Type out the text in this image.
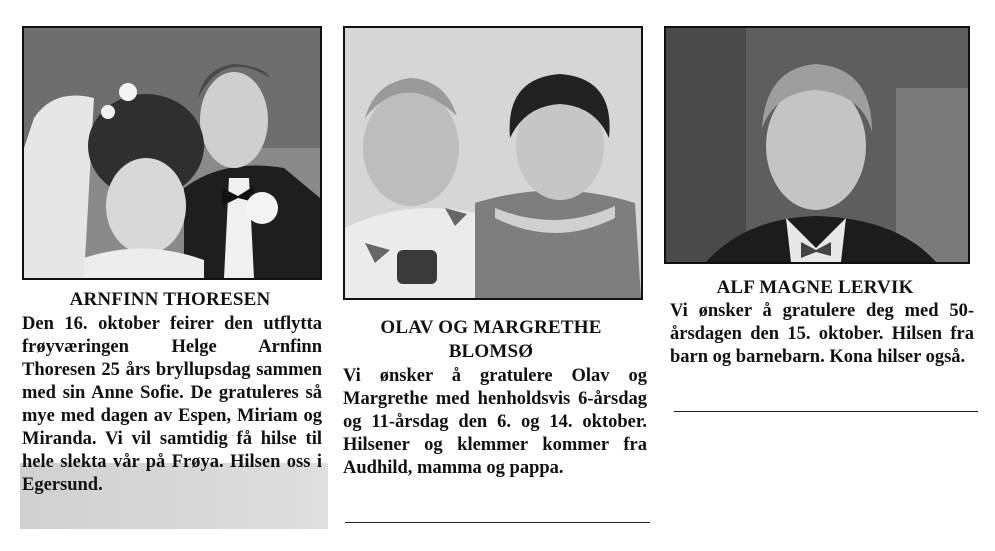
ARNFINN THORESEN

Den 16. oktober feirer den utflytta frøyværingen Helge Arnfinn Thoresen 25 års bryllupsdag sammen med sin Anne Sofie. De gratuleres så mye med dagen av Espen, Miriam og Miranda. Vi vil samtidig få hilse til hele slekta vår på Frøya. Hilsen oss i Egersund.

OLAV OG MARGRETHE BLOMSØ

Vi ønsker å gratulere Olav og Margrethe med henholdsvis 6-årsdag og 11-årsdag den 6. og 14. oktober. Hilsener og klemmer kommer fra Audhild, mamma og pappa.

ALF MAGNE LERVIK

Vi ønsker å gratulere deg med 50-årsdagen den 15. oktober. Hilsen fra barn og barnebarn. Kona hilser også.
